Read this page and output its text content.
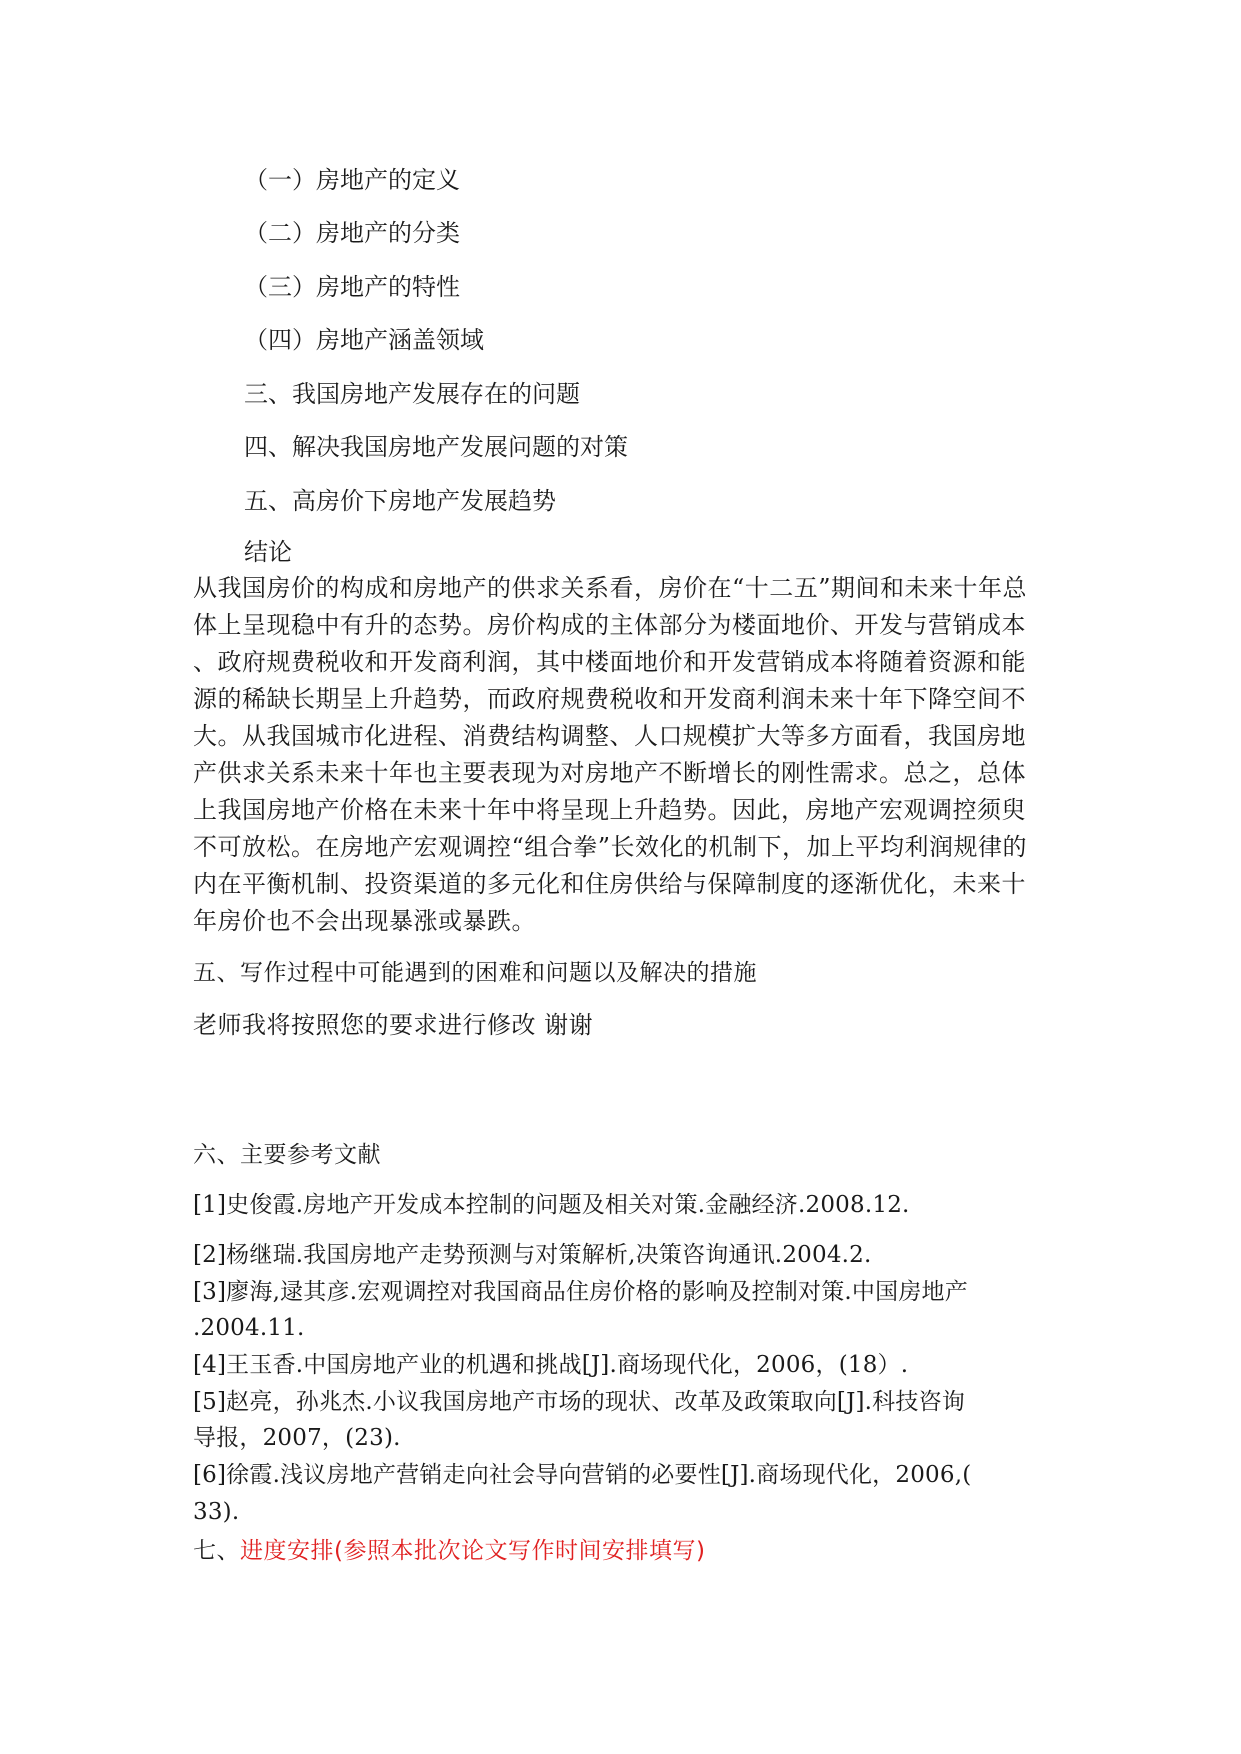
（一）房地产的定义
（二）房地产的分类
（三）房地产的特性
（四）房地产涵盖领域
三、我国房地产发展存在的问题
四、解决我国房地产发展问题的对策
五、高房价下房地产发展趋势
结论
从我国房价的构成和房地产的供求关系看，房价在“十二五”期间和未来十年总
体上呈现稳中有升的态势。房价构成的主体部分为楼面地价、开发与营销成本
、政府规费税收和开发商利润，其中楼面地价和开发营销成本将随着资源和能
源的稀缺长期呈上升趋势，而政府规费税收和开发商利润未来十年下降空间不
大。从我国城市化进程、消费结构调整、人口规模扩大等多方面看，我国房地
产供求关系未来十年也主要表现为对房地产不断增长的刚性需求。总之，总体
上我国房地产价格在未来十年中将呈现上升趋势。因此，房地产宏观调控须臾
不可放松。在房地产宏观调控“组合拳”长效化的机制下，加上平均利润规律的
内在平衡机制、投资渠道的多元化和住房供给与保障制度的逐渐优化，未来十
年房价也不会出现暴涨或暴跌。
五、写作过程中可能遇到的困难和问题以及解决的措施
老师我将按照您的要求进行修改 谢谢
六、主要参考文献
[1]史俊霞.房地产开发成本控制的问题及相关对策.金融经济.2008.12.
[2]杨继瑞.我国房地产走势预测与对策解析,决策咨询通讯.2004.2.
[3]廖海,逯其彦.宏观调控对我国商品住房价格的影响及控制对策.中国房地产
.2004.11.
[4]王玉香.中国房地产业的机遇和挑战[J].商场现代化，2006，(18）.
[5]赵亮，孙兆杰.小议我国房地产市场的现状、改革及政策取向[J].科技咨询
导报，2007，(23).
[6]徐霞.浅议房地产营销走向社会导向营销的必要性[J].商场现代化，2006,(
33).
七、进度安排(参照本批次论文写作时间安排填写)
